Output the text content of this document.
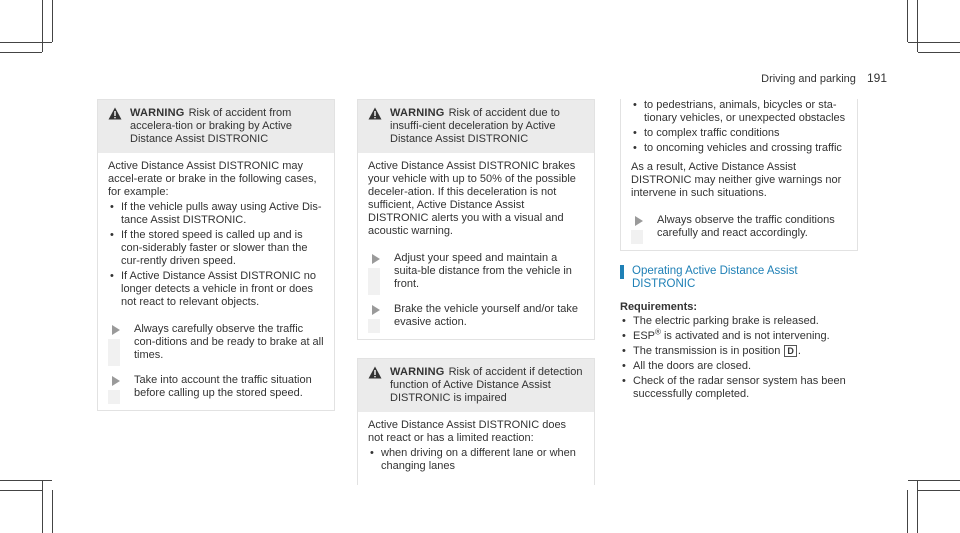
Driving and parking 191
WARNING Risk of accident from accelera-tion or braking by Active Distance Assist DISTRONIC

Active Distance Assist DISTRONIC may accel-erate or brake in the following cases, for example:

• If the vehicle pulls away using Active Dis-tance Assist DISTRONIC.
• If the stored speed is called up and is con-siderably faster or slower than the cur-rently driven speed.
• If Active Distance Assist DISTRONIC no longer detects a vehicle in front or does not react to relevant objects.
Always carefully observe the traffic con-ditions and be ready to brake at all times.
Take into account the traffic situation before calling up the stored speed.
WARNING Risk of accident due to insuffi-cient deceleration by Active Distance Assist DISTRONIC

Active Distance Assist DISTRONIC brakes your vehicle with up to 50% of the possible deceler-ation. If this deceleration is not sufficient, Active Distance Assist DISTRONIC alerts you with a visual and acoustic warning.

Adjust your speed and maintain a suita-ble distance from the vehicle in front.
Brake the vehicle yourself and/or take evasive action.
WARNING Risk of accident if detection function of Active Distance Assist DISTRONIC is impaired

Active Distance Assist DISTRONIC does not react or has a limited reaction:

• when driving on a different lane or when changing lanes
• to pedestrians, animals, bicycles or sta-tionary vehicles, or unexpected obstacles
• to complex traffic conditions
• to oncoming vehicles and crossing traffic

As a result, Active Distance Assist DISTRONIC may neither give warnings nor intervene in such situations.

Always observe the traffic conditions carefully and react accordingly.
Operating Active Distance Assist DISTRONIC
Requirements:
• The electric parking brake is released.
• ESP® is activated and is not intervening.
• The transmission is in position D .
• All the doors are closed.
• Check of the radar sensor system has been successfully completed.
